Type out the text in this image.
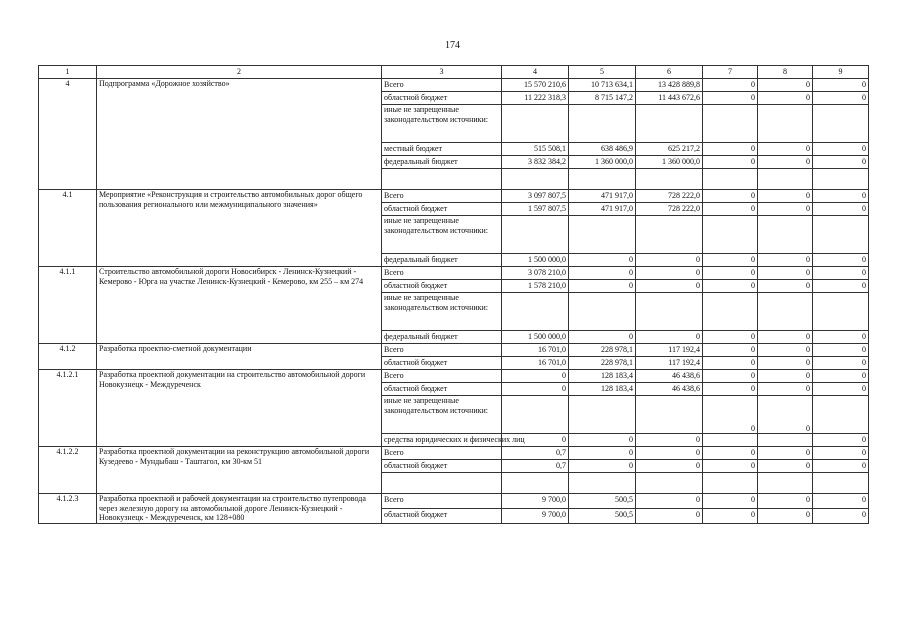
174
1	2	3	4	5	6	7	8	9
4	Подпрограмма «Дорожное хозяйство»	Всего	15 570 210,6	10 713 634,1	13 428 889,8	0	0	0

		областной бюджет	11 222 318,3	8 715 147,2	11 443 672,6	0	0	0

		иные не запрещенные законодательством источники:						

		местный бюджет	515 508,1	638 486,9	625 217,2	0	0	0

		федеральный бюджет	3 832 384,2	1 360 000,0	1 360 000,0	0	0	0

4.1	Мероприятие «Реконструкция и строительство автомобильных дорог общего пользования регионального или межмуниципального значения»	Всего	3 097 807,5	471 917,0	728 222,0	0	0	0

		областной бюджет	1 597 807,5	471 917,0	728 222,0	0	0	0

		иные не запрещенные законодательством источники:						

		федеральный бюджет	1 500 000,0	0	0	0	0	0

4.1.1	Строительство автомобильной дороги Новосибирск - Ленинск-Кузнецкий - Кемерово - Юрга на участке Ленинск-Кузнецкий - Кемерово, км 255 – км 274	Всего	3 078 210,0	0	0	0	0	0

		областной бюджет	1 578 210,0	0	0	0	0	0

		иные не запрещенные законодательством источники:						

		федеральный бюджет	1 500 000,0	0	0	0	0	0

4.1.2	Разработка проектно-сметной документации	Всего	16 701,0	228 978,1	117 192,4	0	0	0

		областной бюджет	16 701,0	228 978,1	117 192,4	0	0	0

4.1.2.1	Разработка проектной документации на строительство автомобильной дороги Новокузнецк - Междуреченск	Всего	0	128 183,4	46 438,6	0	0	0

		областной бюджет	0	128 183,4	46 438,6	0	0	0

		иные не запрещенные законодательством источники:				0	0	

		средства юридических и физических лиц	0	0	0			0

4.1.2.2	Разработка проектной документации на реконструкцию автомобильной дороги Кузедеево - Мундыбаш - Таштагол, км 30-км 51	Всего	0,7	0	0	0	0	0

		областной бюджет	0,7	0	0	0	0	0

4.1.2.3	Разработка проектной и рабочей документации на строительство путепровода через железную дорогу на автомобильной дороге Ленинск-Кузнецкий - Новокузнецк - Междуреченск, км 128+080	Всего	9 700,0	500,5	0	0	0	0

		областной бюджет	9 700,0	500,5	0	0	0	0
